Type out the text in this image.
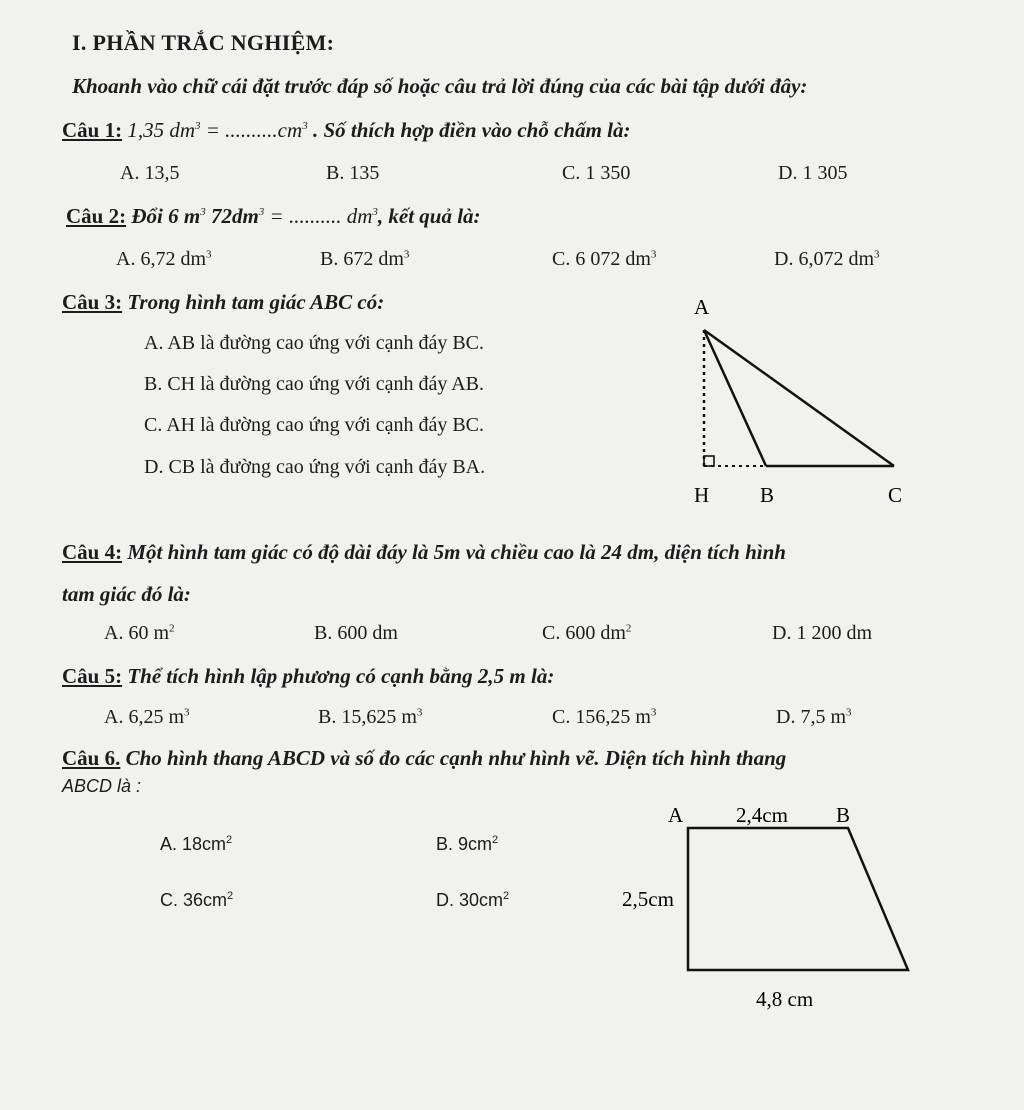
I. PHẦN TRẮC NGHIỆM:
Khoanh vào chữ cái đặt trước đáp số hoặc câu trả lời đúng của các bài tập dưới đây:
Câu 1: 1,35 $dm^3 = ..........cm^3$ . Số thích hợp điền vào chỗ chấm là:
A. 13,5	B. 135	C. 1 350	D. 1 305
Câu 2: Đổi 6 $m^3$ $72dm^3$ = .......... $dm^3$, kết quả là:
A. 6,72 $dm^3$	B. 672 $dm^3$	C. 6 072 $dm^3$	D. 6,072 $dm^3$
Câu 3: Trong hình tam giác ABC có:
A. AB là đường cao ứng với cạnh đáy BC.
B. CH là đường cao ứng với cạnh đáy AB.
C. AH là đường cao ứng với cạnh đáy BC.
D. CB là đường cao ứng với cạnh đáy BA.
A
H B	C
Câu 4: Một hình tam giác có độ dài đáy là 5m và chiều cao là 24 dm, diện tích hình
tam giác đó là:
A. 60 $m^2$	B. 600 dm	C. 600 $dm^2$	D. 1 200 dm
Câu 5: Thể tích hình lập phương có cạnh bằng 2,5 m là:
A. 6,25 $m^3$	B. 15,625 $m^3$	C. 156,25 $m^3$	D. 7,5 $m^3$
Câu 6. Cho hình thang ABCD và số đo các cạnh như hình vẽ. Diện tích hình thang
ABCD là :
A. $18cm^2$	B. $9cm^2$
C. $36cm^2$	D. $30cm^2$
A	2,4cm B
2,5cm
4,8 cm
